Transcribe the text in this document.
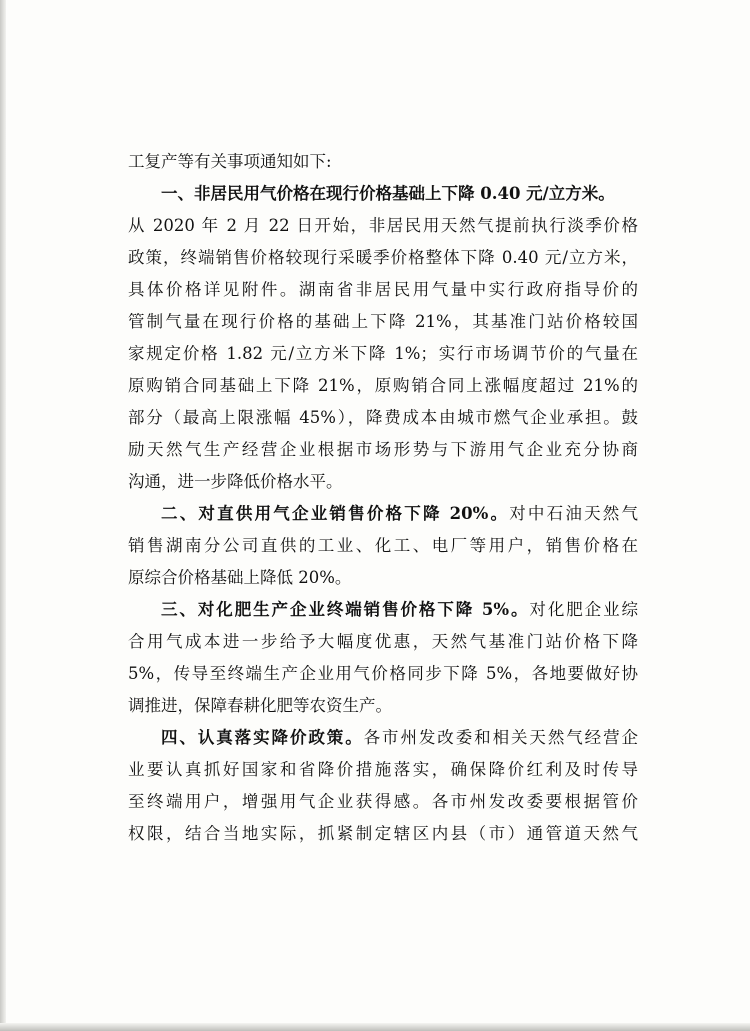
工复产等有关事项通知如下:
一、非居民用气价格在现行价格基础上下降 0.40 元/立方米。
从 2020 年 2 月 22 日开始，非居民用天然气提前执行淡季价格
政策，终端销售价格较现行采暖季价格整体下降 0.40 元/立方米，
具体价格详见附件。湖南省非居民用气量中实行政府指导价的
管制气量在现行价格的基础上下降 21%，其基准门站价格较国
家规定价格 1.82 元/立方米下降 1%；实行市场调节价的气量在
原购销合同基础上下降 21%，原购销合同上涨幅度超过 21%的
部分（最高上限涨幅 45%），降费成本由城市燃气企业承担。鼓
励天然气生产经营企业根据市场形势与下游用气企业充分协商
沟通，进一步降低价格水平。
二、对直供用气企业销售价格下降 20%。对中石油天然气
销售湖南分公司直供的工业、化工、电厂等用户，销售价格在
原综合价格基础上降低 20%。
三、对化肥生产企业终端销售价格下降 5%。对化肥企业综
合用气成本进一步给予大幅度优惠，天然气基准门站价格下降
5%，传导至终端生产企业用气价格同步下降 5%，各地要做好协
调推进，保障春耕化肥等农资生产。
四、认真落实降价政策。各市州发改委和相关天然气经营企
业要认真抓好国家和省降价措施落实，确保降价红利及时传导
至终端用户，增强用气企业获得感。各市州发改委要根据管价
权限，结合当地实际，抓紧制定辖区内县（市）通管道天然气
